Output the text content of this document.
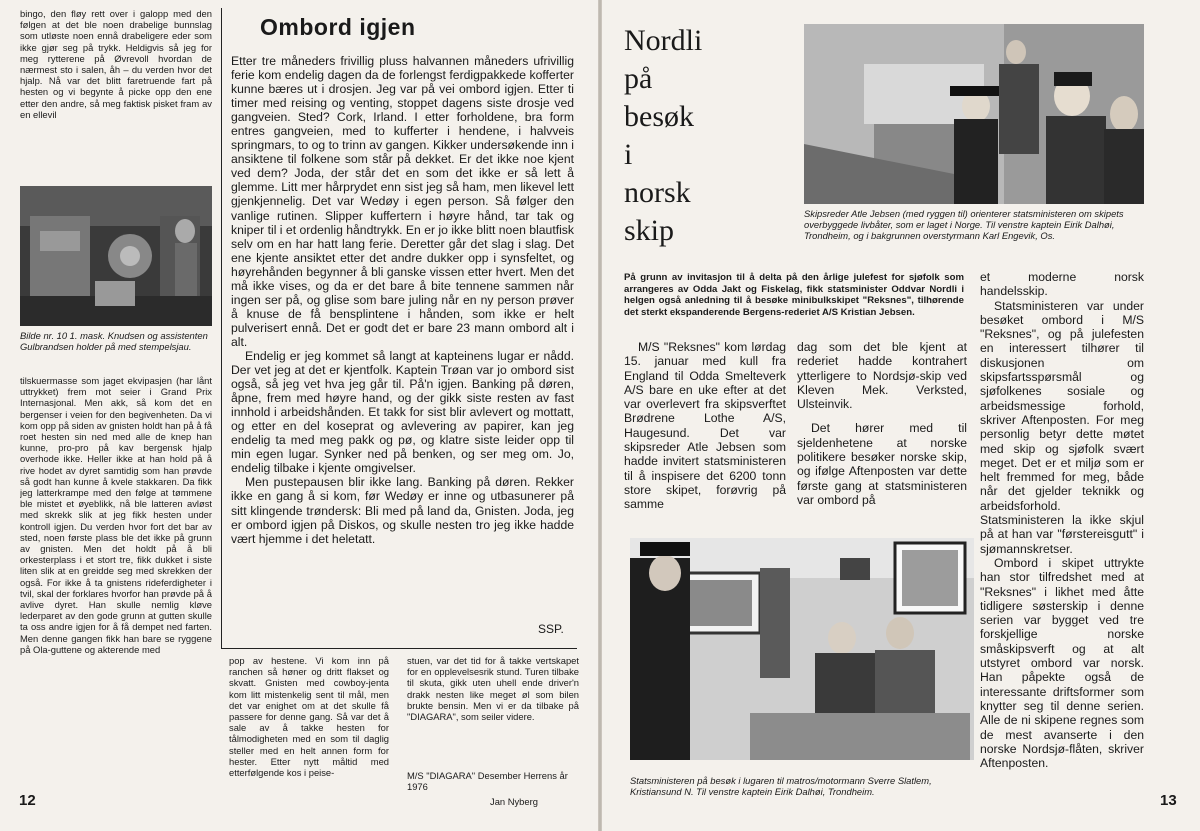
bingo, den fløy rett over i galopp med den følgen at det ble noen drabelige bunnslag som utløste noen ennå drabeligere eder som ikke gjør seg på trykk. Heldigvis så jeg for meg rytterene på Øvrevoll hvordan de nærmest sto i salen, åh – du verden hvor det hjalp. Nå var det blitt faretruende fart på hesten og vi begynte å picke opp den ene etter den andre, så meg faktisk pisket fram av en ellevil

Bilde nr. 10 1. mask. Knudsen og assistenten Gulbrandsen holder på med stempelsjau.

tilskuermasse som jaget ekvipasjen (har lånt uttrykket) frem mot seier i Grand Prix Internasjonal. Men akk, så kom det en bergenser i veien for den begivenheten. Da vi kom opp på siden av gnisten holdt han på å få roet hesten sin ned med alle de knep han kunne, pro-pro på kav bergensk hjalp overhode ikke. Heller ikke at han hold på å rive hodet av dyret samtidig som han prøvde så godt han kunne å kvele stakkaren. Da fikk jeg latterkrampe med den følge at tømmene ble mistet et øyeblikk, nå ble latteren avløst med skrekk slik at jeg fikk hesten under kontroll igjen. Du verden hvor fort det bar av sted, noen første plass ble det ikke på grunn av gnisten. Men det holdt på å bli orkesterplass i et stort tre, fikk dukket i siste liten slik at en greidde seg med skrekken der også. For ikke å ta gnistens rideferdigheter i tvil, skal der forklares hvorfor han prøvde på å avlive dyret. Han skulle nemlig kløve lederparet av den gode grunn at gutten skulle ta oss andre igjen for å få dempet ned farten. Men denne gangen fikk han bare se ryggene på Ola-guttene og akterende med

12
Ombord igjen

Etter tre måneders frivillig pluss halvannen måneders ufrivillig ferie kom endelig dagen da de forlengst ferdigpakkede kofferter kunne bæres ut i drosjen. Jeg var på vei ombord igjen. Etter ti timer med reising og venting, stoppet dagens siste drosje ved gangveien. Sted? Cork, Irland. I etter forholdene, bra form entres gangveien, med to kufferter i hendene, i halvveis springmars, to og to trinn av gangen. Kikker undersøkende inn i ansiktene til folkene som står på dekket. Er det ikke noe kjent ved dem? Joda, der står det en som det ikke er så lett å glemme. Litt mer hårprydet enn sist jeg så ham, men likevel lett gjenkjennelig. Det var Wedøy i egen person. Så følger den vanlige rutinen. Slipper kuffertern i høyre hånd, tar tak og kniper til i et ordenlig håndtrykk. En er jo ikke blitt noen blautfisk selv om en har hatt lang ferie. Deretter går det slag i slag. Det ene kjente ansiktet etter det andre dukker opp i synsfeltet, og høyrehånden begynner å bli ganske vissen etter hvert. Men det må ikke vises, og da er det bare å bite tennene sammen når ingen ser på, og glise som bare juling når en ny person prøver å knuse de få bensplintene i hånden, som ikke er helt pulverisert ennå. Det er godt det er bare 23 mann ombord alt i alt.

Endelig er jeg kommet så langt at kapteinens lugar er nådd. Der vet jeg at det er kjentfolk. Kaptein Trøan var jo ombord sist også, så jeg vet hva jeg går til. På'n igjen. Banking på døren, åpne, frem med høyre hand, og der gikk siste resten av fast innhold i arbeidshånden. Et takk for sist blir avlevert og mottatt, og etter en del koseprat og avlevering av papirer, kan jeg endelig ta med meg pakk og pø, og klatre siste leider opp til min egen lugar. Synker ned på benken, og ser meg om. Jo, endelig tilbake i kjente omgivelser.

Men pustepausen blir ikke lang. Banking på døren. Rekker ikke en gang å si kom, før Wedøy er inne og utbasunerer på sitt klingende trøndersk: Bli med på land da, Gnisten. Joda, jeg er ombord igjen på Diskos, og skulle nesten tro jeg ikke hadde vært hjemme i det heletatt.

SSP.

pop av hestene. Vi kom inn på ranchen så høner og dritt flakset og skvatt. Gnisten med cowboy-jenta kom litt mistenkelig sent til mål, men det var enighet om at det skulle få passere for denne gang. Så var det å sale av å takke hesten for tålmodigheten med en som til daglig steller med en helt annen form for hester. Etter nytt måltid med etterfølgende kos i peise-

stuen, var det tid for å takke vertskapet for en opplevelsesrik stund. Turen tilbake til skuta, gikk uten uhell ende driver'n drakk nesten like meget øl som bilen brukte bensin. Men vi er da tilbake på "DIAGARA", som seiler videre.

M/S "DIAGARA" Desember Herrens år 1976
Jan Nyberg
Nordli
på
besøk
i
norsk
skip
Skipsreder Atle Jebsen (med ryggen til) orienterer statsministeren om skipets overbyggede livbåter, som er laget i Norge. Til venstre kaptein Eirik Dalhøi, Trondheim, og i bakgrunnen overstyrmann Karl Engevik, Os.
På grunn av invitasjon til å delta på den årlige julefest for sjøfolk som arrangeres av Odda Jakt og Fiskelag, fikk statsminister Oddvar Nordli i helgen også anledning til å besøke minibulkskipet "Reksnes", tilhørende det sterkt ekspanderende Bergens-rederiet A/S Kristian Jebsen.

M/S "Reksnes" kom lørdag 15. januar med kull fra England til Odda Smelteverk A/S bare en uke efter at det var overlevert fra skipsverftet Brødrene Lothe A/S, Haugesund. Det var skipsreder Atle Jebsen som hadde invitert statsministeren til å inspisere det 6200 tonn store skipet, forøvrig på samme

dag som det ble kjent at rederiet hadde kontrahert ytterligere to Nordsjø-skip ved Kleven Mek. Verksted, Ulsteinvik.

Det hører med til sjeldenhetene at norske politikere besøker norske skip, og ifølge Aftenposten var dette første gang at statsministeren var ombord på

et moderne norsk handelsskip.

Statsministeren var under besøket ombord i M/S "Reksnes", og på julefesten en interessert tilhører til diskusjonen om skipsfartsspørsmål og sjøfolkenes sosiale og arbeidsmessige forhold, skriver Aftenposten. For meg personlig betyr dette møtet med skip og sjøfolk svært meget. Det er et miljø som er helt fremmed for meg, både når det gjelder teknikk og arbeidsforhold. Statsministeren la ikke skjul på at han var "førstereisgutt" i sjømannskretser.

Ombord i skipet uttrykte han stor tilfredshet med at "Reksnes" i likhet med åtte tidligere søsterskip i denne serien var bygget ved tre forskjellige norske småskipsverft og at alt utstyret ombord var norsk. Han påpekte også de interessante driftsformer som knytter seg til denne serien. Alle de ni skipene regnes som de mest avanserte i den norske Nordsjø-flåten, skriver Aftenposten.

Statsministeren på besøk i lugaren til matros/motormann Sverre Slatlem, Kristiansund N. Til venstre kaptein Eirik Dalhøi, Trondheim.
13
